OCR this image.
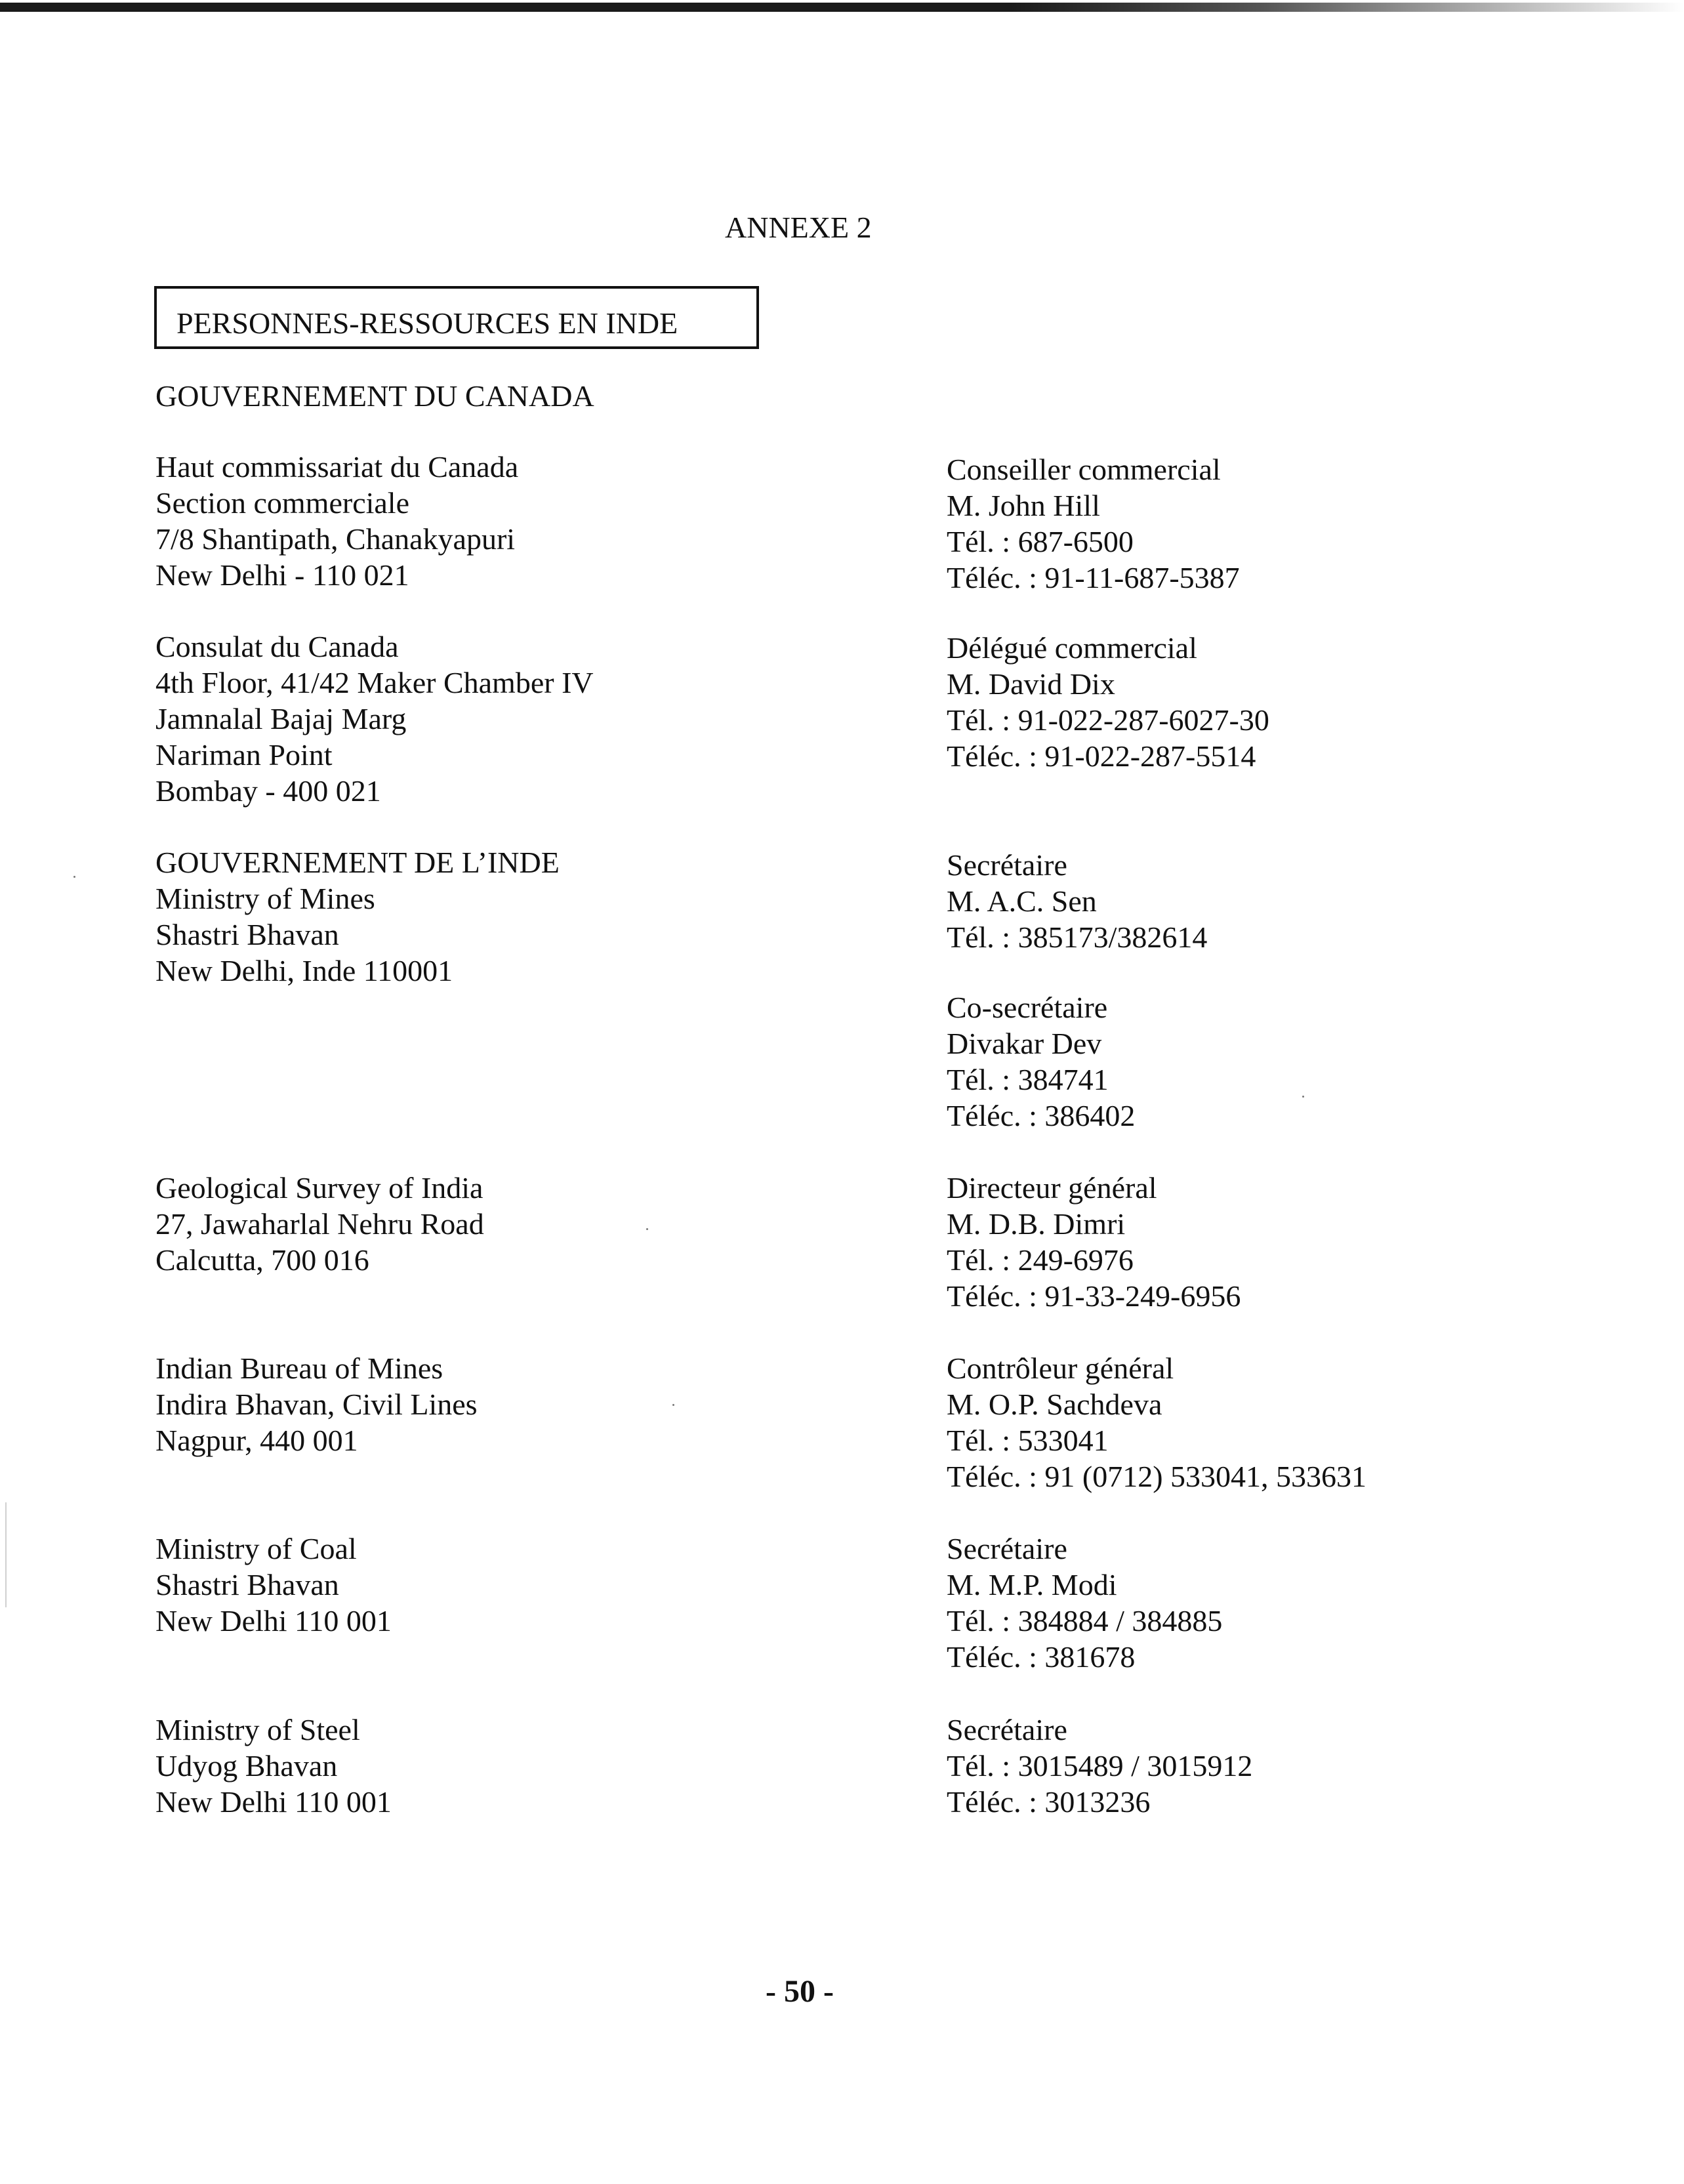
ANNEXE 2
PERSONNES-RESSOURCES EN INDE
GOUVERNEMENT DU CANADA
Haut commissariat du Canada
Section commerciale
7/8 Shantipath, Chanakyapuri
New Delhi - 110 021
Conseiller commercial
M. John Hill
Tél. : 687-6500
Téléc. : 91-11-687-5387
Consulat du Canada
4th Floor, 41/42 Maker Chamber IV
Jamnalal Bajaj Marg
Nariman Point
Bombay - 400 021
Délégué commercial
M. David Dix
Tél. : 91-022-287-6027-30
Téléc. : 91-022-287-5514
GOUVERNEMENT DE L’INDE
Ministry of Mines
Shastri Bhavan
New Delhi, Inde 110001
Secrétaire
M. A.C. Sen
Tél. : 385173/382614
Co-secrétaire
Divakar Dev
Tél. : 384741
Téléc. : 386402
Geological Survey of India
27, Jawaharlal Nehru Road
Calcutta, 700 016
Directeur général
M. D.B. Dimri
Tél. : 249-6976
Téléc. : 91-33-249-6956
Indian Bureau of Mines
Indira Bhavan, Civil Lines
Nagpur, 440 001
Contrôleur général
M. O.P. Sachdeva
Tél. : 533041
Téléc. : 91 (0712) 533041, 533631
Ministry of Coal
Shastri Bhavan
New Delhi 110 001
Secrétaire
M. M.P. Modi
Tél. : 384884 / 384885
Téléc. : 381678
Ministry of Steel
Udyog Bhavan
New Delhi 110 001
Secrétaire
Tél. : 3015489 / 3015912
Téléc. : 3013236
- 50 -
